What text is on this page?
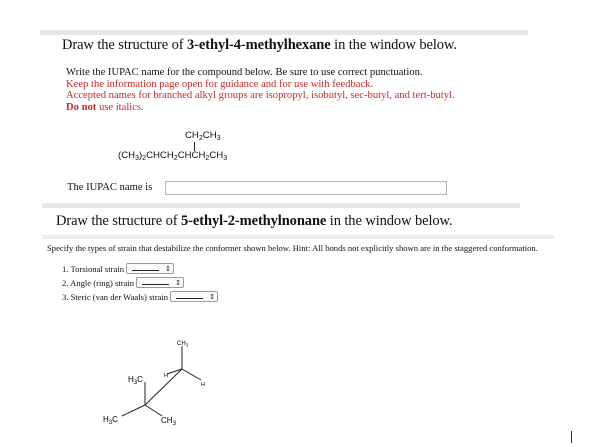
Draw the structure of 3-ethyl-4-methylhexane in the window below.
Write the IUPAC name for the compound below. Be sure to use correct punctuation.
Keep the information page open for guidance and for use with feedback.
Accepted names for branched alkyl groups are isopropyl, isobutyl, sec-butyl, and tert-butyl.
Do not use italics.
$CH_2CH_3$
$(CH_3)_2CHCH_2CHCH_2CH_3$
The IUPAC name is
Draw the structure of 5-ethyl-2-methylnonane in the window below.
Specify the types of strain that destabilize the conformer shown below. Hint: All bonds not explicitly shown are in the staggered conformation.
1. Torsional strain	↕
2. Angle (ring) strain	↕
3. Steric (van der Waals) strain	↕
$CH_3$
$H_3C$	H
H
$H_3C$	$CH_3$
